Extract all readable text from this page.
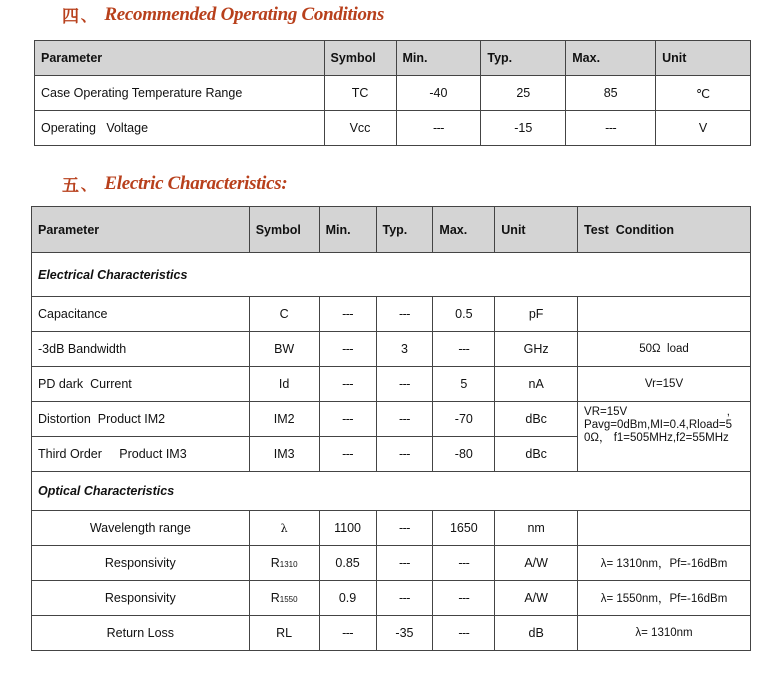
四 、 Recommended Operating Conditions
Parameter	Symbol	Min.	Typ.	Max.	Unit
Case Operating Temperature Range	TC	-40	25	85	℃
Operating   Voltage	Vcc	---	-15	---	V
五 、 Electric Characteristics:
Parameter	Symbol	Min.	Typ.	Max.	Unit	Test  Condition
Electrical Characteristics						
Capacitance	C	---	---	0.5	pF	
-3dB Bandwidth	BW	---	3	---	GHz	50Ω  load
PD dark  Current	Id	---	---	5	nA	Vr=15V
Distortion  Product IM2	IM2	---	---	-70	dBc	VR=15V ,
Pavg=0dBm,MI=0.4,Rload=5
0Ω， f1=505MHz,f2=55MHz

Third Order     Product IM3	IM3	---	---	-80	dBc	
Optical Characteristics						
Wavelength range	λ	1100	---	1650	nm	
Responsivity	R1310	0.85	---	---	A/W	λ= 1310nm，Pf=-16dBm
Responsivity	R1550	0.9	---	---	A/W	λ= 1550nm，Pf=-16dBm
Return Loss	RL	---	-35	---	dB	λ= 1310nm
